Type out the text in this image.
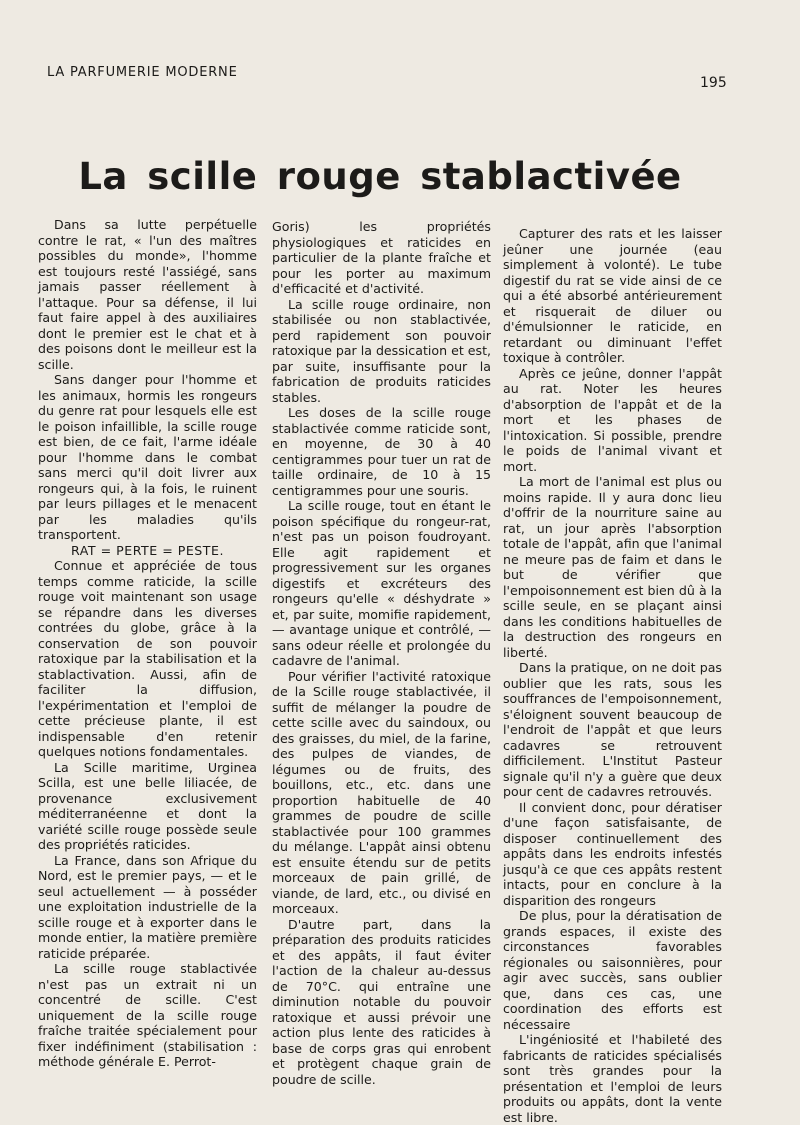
LA PARFUMERIE MODERNE
195
La scille rouge stablactivée

Dans sa lutte perpétuelle contre le rat, « l'un des maîtres possibles du monde», l'homme est toujours resté l'assiégé, sans jamais passer réellement à l'attaque. Pour sa défense, il lui faut faire appel à des auxiliaires dont le premier est le chat et à des poisons dont le meilleur est la scille.

Sans danger pour l'homme et les animaux, hormis les rongeurs du genre rat pour lesquels elle est le poison infaillible, la scille rouge est bien, de ce fait, l'arme idéale pour l'homme dans le combat sans merci qu'il doit livrer aux rongeurs qui, à la fois, le ruinent par leurs pillages et le menacent par les maladies qu'ils transportent.

RAT = PERTE = PESTE.

Connue et appréciée de tous temps comme raticide, la scille rouge voit maintenant son usage se répandre dans les diverses contrées du globe, grâce à la conservation de son pouvoir ratoxique par la stabilisation et la stablactivation. Aussi, afin de faciliter la diffusion, l'expérimentation et l'emploi de cette précieuse plante, il est indispensable d'en retenir quelques notions fondamentales.

La Scille maritime, Urginea Scilla, est une belle liliacée, de provenance exclusivement méditerranéenne et dont la variété scille rouge possède seule des propriétés raticides.

La France, dans son Afrique du Nord, est le premier pays, — et le seul actuellement — à posséder une exploitation industrielle de la scille rouge et à exporter dans le monde entier, la matière première raticide préparée.

La scille rouge stablactivée n'est pas un extrait ni un concentré de scille. C'est uniquement de la scille rouge fraîche traitée spécialement pour fixer indéfiniment (stabilisation : méthode générale E. Perrot-

Goris) les propriétés physiologiques et raticides en particulier de la plante fraîche et pour les porter au maximum d'efficacité et d'activité.

La scille rouge ordinaire, non stabilisée ou non stablactivée, perd rapidement son pouvoir ratoxique par la dessication et est, par suite, insuffisante pour la fabrication de produits raticides stables.

Les doses de la scille rouge stablactivée comme raticide sont, en moyenne, de 30 à 40 centigrammes pour tuer un rat de taille ordinaire, de 10 à 15 centigrammes pour une souris.

La scille rouge, tout en étant le poison spécifique du rongeur-rat, n'est pas un poison foudroyant. Elle agit rapidement et progressivement sur les organes digestifs et excréteurs des rongeurs qu'elle « déshydrate » et, par suite, momifie rapidement, — avantage unique et contrôlé, — sans odeur réelle et prolongée du cadavre de l'animal.

Pour vérifier l'activité ratoxique de la Scille rouge stablactivée, il suffit de mélanger la poudre de cette scille avec du saindoux, ou des graisses, du miel, de la farine, des pulpes de viandes, de légumes ou de fruits, des bouillons, etc., etc. dans une proportion habituelle de 40 grammes de poudre de scille stablactivée pour 100 grammes du mélange. L'appât ainsi obtenu est ensuite étendu sur de petits morceaux de pain grillé, de viande, de lard, etc., ou divisé en morceaux.

D'autre part, dans la préparation des produits raticides et des appâts, il faut éviter l'action de la chaleur au-dessus de 70°C. qui entraîne une diminution notable du pouvoir ratoxique et aussi prévoir une action plus lente des raticides à base de corps gras qui enrobent et protègent chaque grain de poudre de scille.

Capturer des rats et les laisser jeûner une journée (eau simplement à volonté). Le tube digestif du rat se vide ainsi de ce qui a été absorbé antérieurement et risquerait de diluer ou d'émulsionner le raticide, en retardant ou diminuant l'effet toxique à contrôler.

Après ce jeûne, donner l'appât au rat. Noter les heures d'absorption de l'appât et de la mort et les phases de l'intoxication. Si possible, prendre le poids de l'animal vivant et mort.

La mort de l'animal est plus ou moins rapide. Il y aura donc lieu d'offrir de la nourriture saine au rat, un jour après l'absorption totale de l'appât, afin que l'animal ne meure pas de faim et dans le but de vérifier que l'empoisonnement est bien dû à la scille seule, en se plaçant ainsi dans les conditions habituelles de la destruction des rongeurs en liberté.

Dans la pratique, on ne doit pas oublier que les rats, sous les souffrances de l'empoisonnement, s'éloignent souvent beaucoup de l'endroit de l'appât et que leurs cadavres se retrouvent difficilement. L'Institut Pasteur signale qu'il n'y a guère que deux pour cent de cadavres retrouvés.

Il convient donc, pour dératiser d'une façon satisfaisante, de disposer continuellement des appâts dans les endroits infestés jusqu'à ce que ces appâts restent intacts, pour en conclure à la disparition des rongeurs

De plus, pour la dératisation de grands espaces, il existe des circonstances favorables régionales ou saisonnières, pour agir avec succès, sans oublier que, dans ces cas, une coordination des efforts est nécessaire

L'ingéniosité et l'habileté des fabricants de raticides spécialisés sont très grandes pour la présentation et l'emploi de leurs produits ou appâts, dont la vente est libre.
